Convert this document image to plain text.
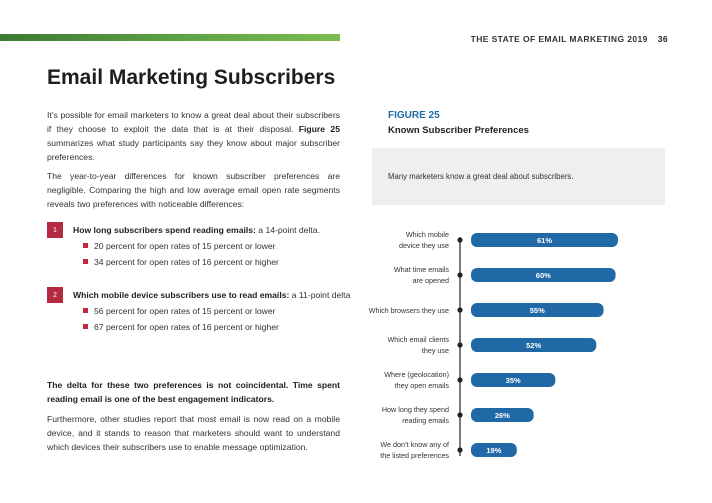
THE STATE OF EMAIL MARKETING 2019 36
Email Marketing Subscribers

It’s possible for email marketers to know a great deal about their subscribers if they choose to exploit the data that is at their disposal. Figure 25 summarizes what study participants say they know about major subscriber preferences.

The year-to-year differences for known subscriber preferences are negligible. Comparing the high and low average email open rate segments reveals two preferences with noticeable differences:

1	How long subscribers spend reading emails: a 14-point delta.
20 percent for open rates of 15 percent or lower
34 percent for open rates of 16 percent or higher
2	Which mobile device subscribers use to read emails: a 11-point delta
56 percent for open rates of 15 percent or lower
67 percent for open rates of 16 percent or higher

The delta for these two preferences is not coincidental. Time spent reading email is one of the best engagement indicators.

Furthermore, other studies report that most email is now read on a mobile device, and it stands to reason that marketers should want to understand which devices their subscribers use to enable message optimization.

FIGURE 25
Known Subscriber Preferences
Many marketers know a great deal about subscribers.
61%
Which mobile
device they use
60%
What time emails
are opened
55%
Which browsers they use
52%
Which email clients
they use
35%
Where (geolocation)
they open emails
26%
How long they spend
reading emails
19%
We don’t know any of
the listed preferences
